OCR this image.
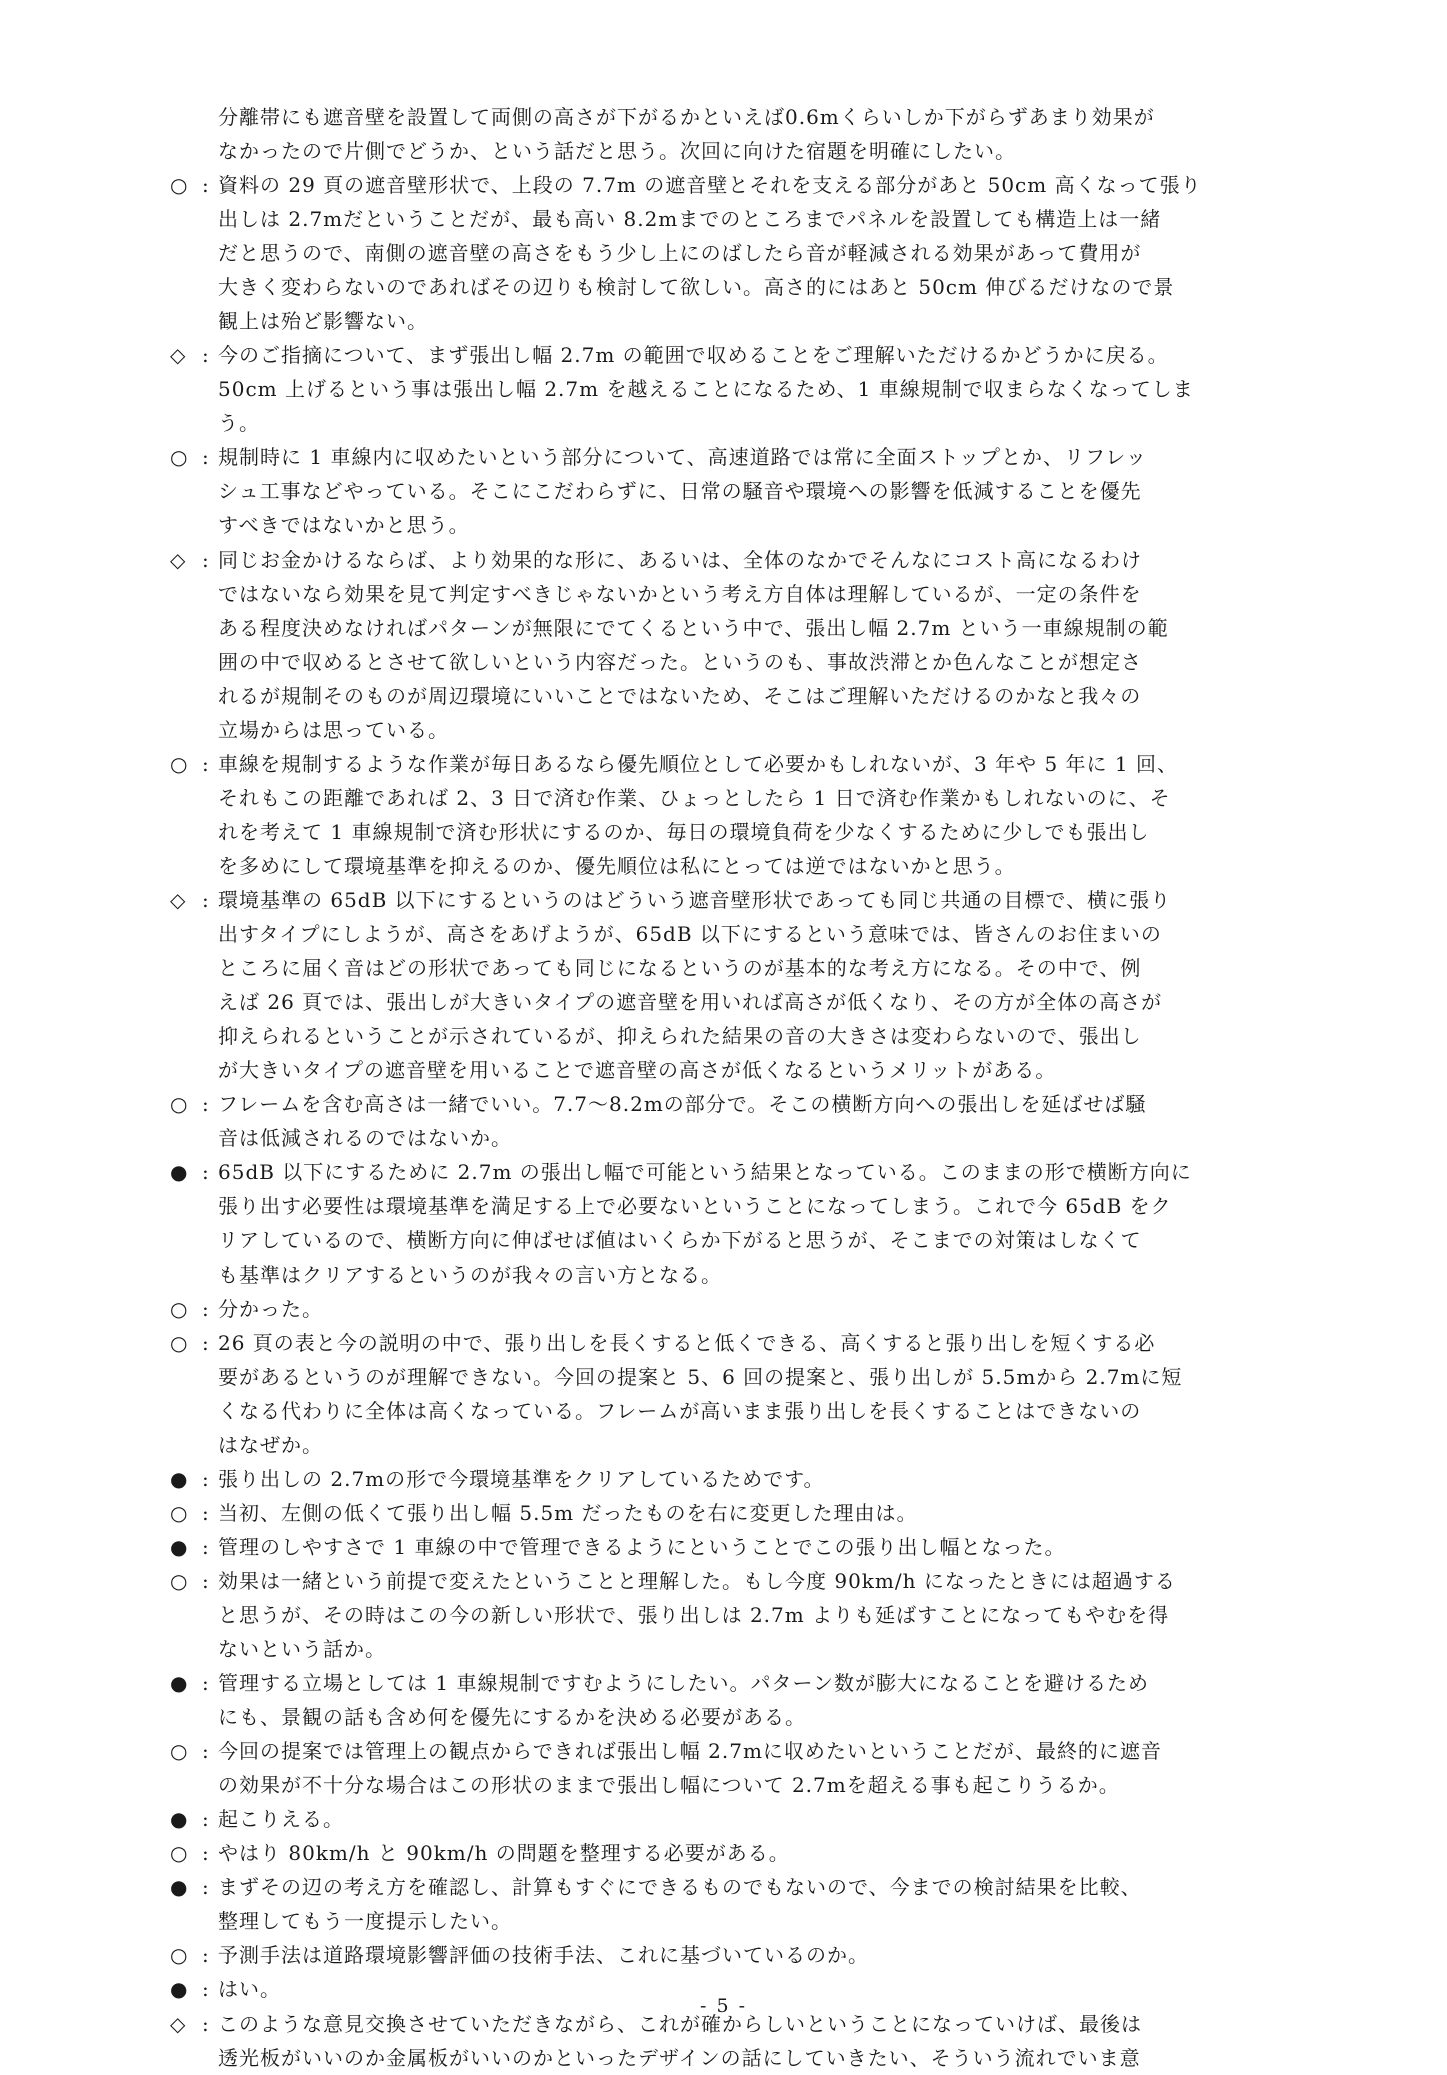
分離帯にも遮音壁を設置して両側の高さが下がるかといえば0.6mくらいしか下がらずあまり効果が
なかったので片側でどうか、という話だと思う。次回に向けた宿題を明確にしたい。
○ : 資料の 29 頁の遮音壁形状で、上段の 7.7m の遮音壁とそれを支える部分があと 50cm 高くなって張り
出しは 2.7mだということだが、最も高い 8.2mまでのところまでパネルを設置しても構造上は一緒
だと思うので、南側の遮音壁の高さをもう少し上にのばしたら音が軽減される効果があって費用が
大きく変わらないのであればその辺りも検討して欲しい。高さ的にはあと 50cm 伸びるだけなので景
観上は殆ど影響ない。
◇ : 今のご指摘について、まず張出し幅 2.7m の範囲で収めることをご理解いただけるかどうかに戻る。
50cm 上げるという事は張出し幅 2.7m を越えることになるため、1 車線規制で収まらなくなってしま
う。
○ : 規制時に 1 車線内に収めたいという部分について、高速道路では常に全面ストップとか、リフレッ
シュ工事などやっている。そこにこだわらずに、日常の騒音や環境への影響を低減することを優先
すべきではないかと思う。
◇ : 同じお金かけるならば、より効果的な形に、あるいは、全体のなかでそんなにコスト高になるわけ
ではないなら効果を見て判定すべきじゃないかという考え方自体は理解しているが、一定の条件を
ある程度決めなければパターンが無限にでてくるという中で、張出し幅 2.7m という一車線規制の範
囲の中で収めるとさせて欲しいという内容だった。というのも、事故渋滞とか色んなことが想定さ
れるが規制そのものが周辺環境にいいことではないため、そこはご理解いただけるのかなと我々の
立場からは思っている。
○ : 車線を規制するような作業が毎日あるなら優先順位として必要かもしれないが、3 年や 5 年に 1 回、
それもこの距離であれば 2、3 日で済む作業、ひょっとしたら 1 日で済む作業かもしれないのに、そ
れを考えて 1 車線規制で済む形状にするのか、毎日の環境負荷を少なくするために少しでも張出し
を多めにして環境基準を抑えるのか、優先順位は私にとっては逆ではないかと思う。
◇ : 環境基準の 65dB 以下にするというのはどういう遮音壁形状であっても同じ共通の目標で、横に張り
出すタイプにしようが、高さをあげようが、65dB 以下にするという意味では、皆さんのお住まいの
ところに届く音はどの形状であっても同じになるというのが基本的な考え方になる。その中で、例
えば 26 頁では、張出しが大きいタイプの遮音壁を用いれば高さが低くなり、その方が全体の高さが
抑えられるということが示されているが、抑えられた結果の音の大きさは変わらないので、張出し
が大きいタイプの遮音壁を用いることで遮音壁の高さが低くなるというメリットがある。
○ : フレームを含む高さは一緒でいい。7.7～8.2mの部分で。そこの横断方向への張出しを延ばせば騒
音は低減されるのではないか。
● : 65dB 以下にするために 2.7m の張出し幅で可能という結果となっている。このままの形で横断方向に
張り出す必要性は環境基準を満足する上で必要ないということになってしまう。これで今 65dB をク
リアしているので、横断方向に伸ばせば値はいくらか下がると思うが、そこまでの対策はしなくて
も基準はクリアするというのが我々の言い方となる。
○ : 分かった。
○ : 26 頁の表と今の説明の中で、張り出しを長くすると低くできる、高くすると張り出しを短くする必
要があるというのが理解できない。今回の提案と 5、6 回の提案と、張り出しが 5.5mから 2.7mに短
くなる代わりに全体は高くなっている。フレームが高いまま張り出しを長くすることはできないの
はなぜか。
● : 張り出しの 2.7mの形で今環境基準をクリアしているためです。
○ : 当初、左側の低くて張り出し幅 5.5m だったものを右に変更した理由は。
● : 管理のしやすさで 1 車線の中で管理できるようにということでこの張り出し幅となった。
○ : 効果は一緒という前提で変えたということと理解した。もし今度 90km/h になったときには超過する
と思うが、その時はこの今の新しい形状で、張り出しは 2.7m よりも延ばすことになってもやむを得
ないという話か。
● : 管理する立場としては 1 車線規制ですむようにしたい。パターン数が膨大になることを避けるため
にも、景観の話も含め何を優先にするかを決める必要がある。
○ : 今回の提案では管理上の観点からできれば張出し幅 2.7mに収めたいということだが、最終的に遮音
の効果が不十分な場合はこの形状のままで張出し幅について 2.7mを超える事も起こりうるか。
● : 起こりえる。
○ : やはり 80km/h と 90km/h の問題を整理する必要がある。
● : まずその辺の考え方を確認し、計算もすぐにできるものでもないので、今までの検討結果を比較、
整理してもう一度提示したい。
○ : 予測手法は道路環境影響評価の技術手法、これに基づいているのか。
● : はい。
◇ : このような意見交換させていただきながら、これが確からしいということになっていけば、最後は
透光板がいいのか金属板がいいのかといったデザインの話にしていきたい、そういう流れでいま意
- 5 -
